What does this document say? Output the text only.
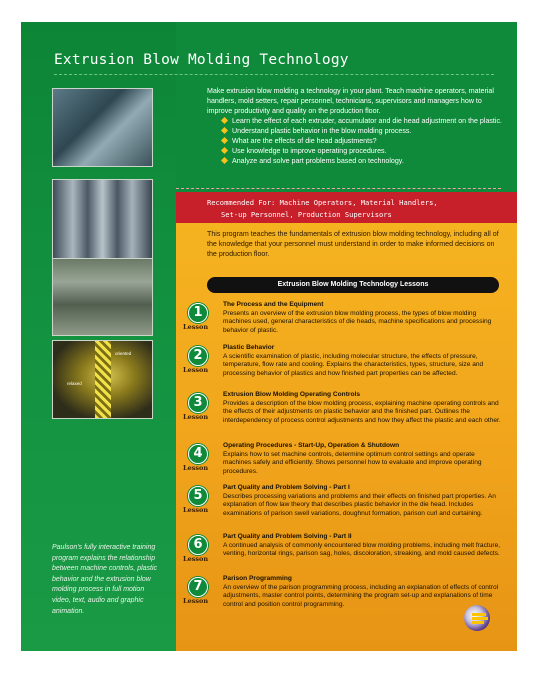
Extrusion Blow Molding Technology
Make extrusion blow molding a technology in your plant. Teach machine operators, material handlers, mold setters, repair personnel, technicians, supervisors and managers how to improve productivity and quality on the production floor.
Learn the effect of each extruder, accumulator and die head adjustment on the plastic.
Understand plastic behavior in the blow molding process.
What are the effects of die head adjustments?
Use knowledge to improve operating procedures.
Analyze and solve part problems based on technology.
oriented
relaxed
Recommended For: Machine Operators, Material Handlers,
Set-up Personnel, Production Supervisors
This program teaches the fundamentals of extrusion blow molding technology, including all of the knowledge that your personnel must understand in order to make informed decisions on the production floor.
Extrusion Blow Molding Technology Lessons
1
Lesson
The Process and the Equipment
Presents an overview of the extrusion blow molding process, the types of blow molding machines used, general characteristics of die heads, machine specifications and processing behavior of plastic.
2
Lesson
Plastic Behavior
A scientific examination of plastic, including molecular structure, the effects of pressure, temperature, flow rate and cooling. Explains the characteristics, types, structure, size and processing behavior of plastics and how finished part properties can be affected.
3
Lesson
Extrusion Blow Molding Operating Controls
Provides a description of the blow molding process, explaining machine operating controls and the effects of their adjustments on plastic behavior and the finished part. Outlines the interdependency of process control adjustments and how they affect the plastic and each other.
4
Lesson
Operating Procedures - Start-Up, Operation & Shutdown
Explains how to set machine controls, determine optimum control settings and operate machines safely and efficiently. Shows personnel how to evaluate and improve operating procedures.
5
Lesson
Part Quality and Problem Solving - Part I
Describes processing variations and problems and their effects on finished part properties. An explanation of flow law theory that describes plastic behavior in the die head. Includes examinations of parison swell variations, doughnut formation, parison curl and curtaining.
6
Lesson
Part Quality and Problem Solving - Part II
A continued analysis of commonly encountered blow molding problems, including melt fracture, venting, horizontal rings, parison sag, holes, discoloration, streaking, and mold caused defects.
7
Lesson
Parison Programming
An overview of the parison programming process, including an explanation of effects of control adjustments, master control points, determining the program set-up and explanations of time control and position control programming.
Paulson's fully interactive training program explains the relationship between machine controls, plastic behavior and the extrusion blow molding process in full motion video, text, audio and graphic animation.
